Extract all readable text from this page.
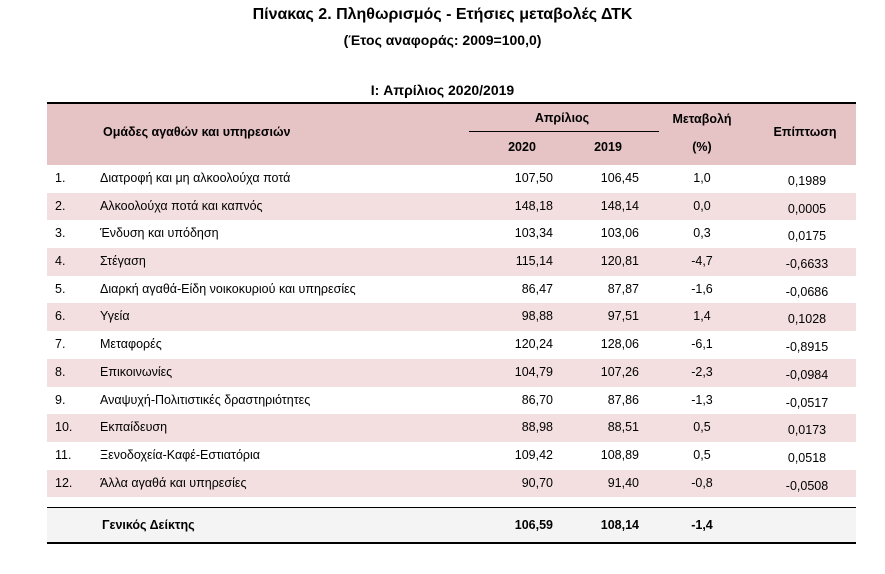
Πίνακας 2. Πληθωρισμός - Ετήσιες μεταβολές ΔΤΚ
(Έτος αναφοράς: 2009=100,0)
I: Απρίλιος 2020/2019
Ομάδες αγαθών και υπηρεσιών
Απρίλιος
2020	2019
Μεταβολή
(%)
Επίπτωση
1.	Διατροφή και μη αλκοολούχα ποτά	107,50	106,45	1,0	0,1989
2.	Αλκοολούχα ποτά και καπνός	148,18	148,14	0,0	0,0005
3.	Ένδυση και υπόδηση	103,34	103,06	0,3	0,0175
4.	Στέγαση	115,14	120,81	-4,7	-0,6633
5.	Διαρκή αγαθά-Είδη νοικοκυριού και υπηρεσίες	86,47	87,87	-1,6	-0,0686
6.	Υγεία	98,88	97,51	1,4	0,1028
7.	Μεταφορές	120,24	128,06	-6,1	-0,8915
8.	Επικοινωνίες	104,79	107,26	-2,3	-0,0984
9.	Αναψυχή-Πολιτιστικές δραστηριότητες	86,70	87,86	-1,3	-0,0517
10. Εκπαίδευση	88,98	88,51	0,5	0,0173
11. Ξενοδοχεία-Καφέ-Εστιατόρια	109,42	108,89	0,5	0,0518
12. Άλλα αγαθά και υπηρεσίες	90,70	91,40	-0,8	-0,0508
Γενικός Δείκτης	106,59	108,14	-1,4
